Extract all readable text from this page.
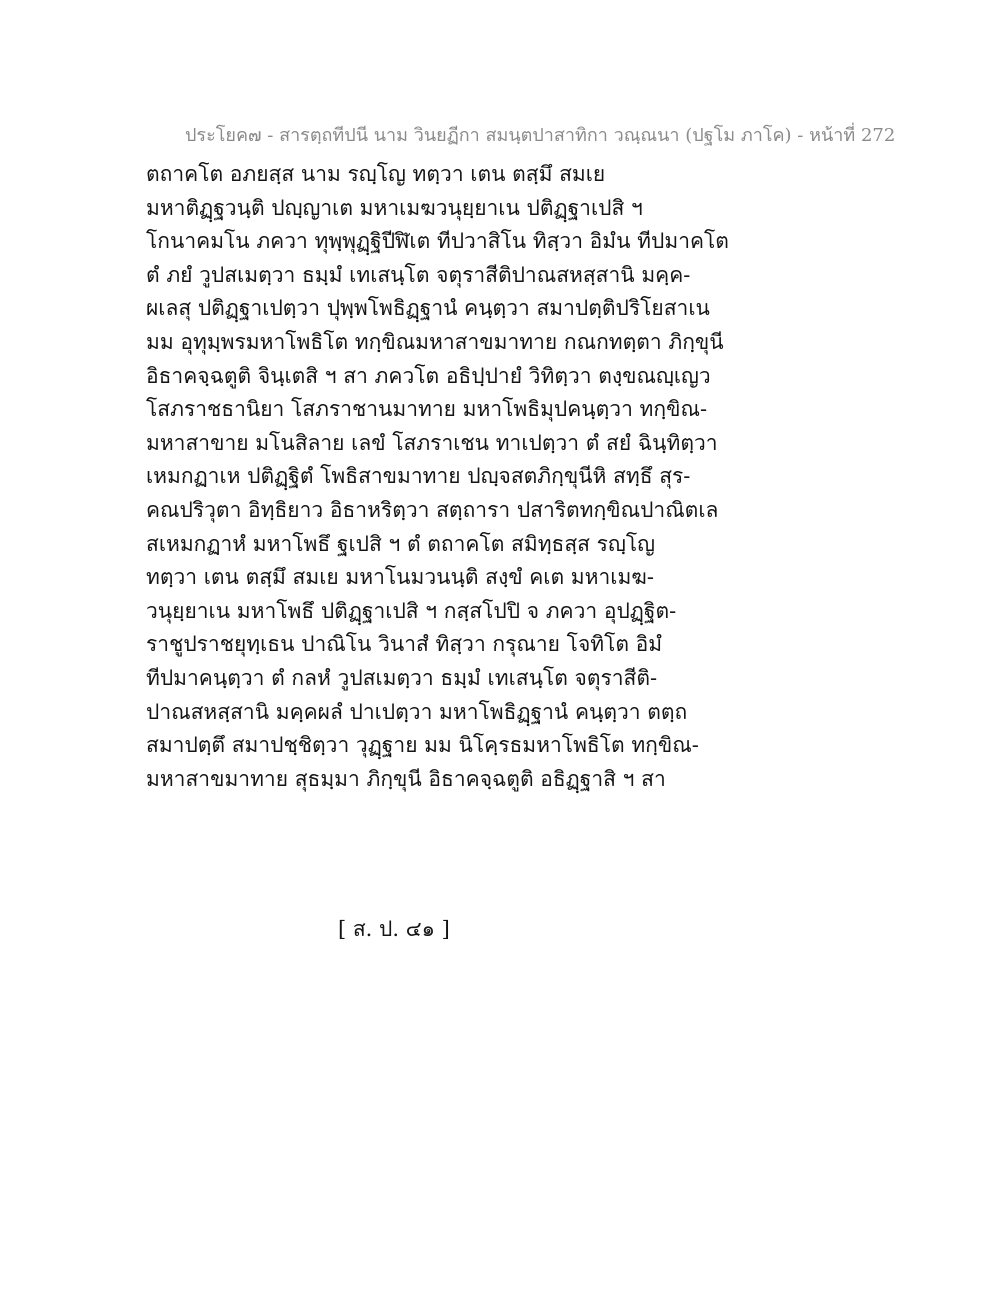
ประโยค๗ - สารตฺถทีปนี นาม วินยฏีกา สมนฺตปาสาทิกา วณฺณนา (ปฐโม ภาโค) - หน้าที่ 272
ตถาคโต อภยสฺส นาม รญฺโญ ทตฺวา เตน ตสฺมึ สมเย
มหาติฏฺฐวนฺติ ปญฺญาเต มหาเมฆวนุยฺยาเน ปติฏฺฐาเปสิ ฯ
โกนาคมโน ภควา ทุพฺพุฏฺฐิปีฬิเต ทีปวาสิโน ทิสฺวา อิมํน ทีปมาคโต
ตํ ภยํ วูปสเมตฺวา ธมฺมํ เทเสนฺโต จตุราสีติปาณสหสฺสานิ มคฺค-
ผเลสุ ปติฏฺฐาเปตฺวา ปุพฺพโพธิฏฺฐานํ คนฺตฺวา สมาปตฺติปริโยสาเน
มม อุทุมฺพรมหาโพธิโต ทกฺขิณมหาสาขมาทาย กณกทตฺตา ภิกฺขุนี
อิธาคจฺฉตูติ จินฺเตสิ ฯ สา ภควโต อธิปฺปายํ วิทิตฺวา ตงฺขณญฺเญว
โสภราชธานิยา โสภราชานมาทาย มหาโพธิมุปคนฺตฺวา ทกฺขิณ-
มหาสาขาย มโนสิลาย เลขํ โสภราเชน ทาเปตฺวา ตํ สยํ ฉินฺทิตฺวา
เหมกฏาเห ปติฏฺฐิตํ โพธิสาขมาทาย ปญฺจสตภิกฺขุนีหิ สทฺธึ สุร-
คณปริวุตา อิทฺธิยาว อิธาหริตฺวา สตฺถารา ปสาริตทกฺขิณปาณิตเล
สเหมกฏาหํ มหาโพธึ ฐเปสิ ฯ ตํ ตถาคโต สมิทฺธสฺส รญฺโญ
ทตฺวา เตน ตสฺมึ สมเย มหาโนมวนนฺติ สงฺขํ คเต มหาเมฆ-
วนุยฺยาเน มหาโพธึ ปติฏฺฐาเปสิ ฯ กสฺสโปปิ จ ภควา อุปฏฺฐิต-
ราชูปราชยุทฺเธน ปาณิโน วินาสํ ทิสฺวา กรุณาย โจทิโต อิมํ
ทีปมาคนฺตฺวา ตํ กลหํ วูปสเมตฺวา ธมฺมํ เทเสนฺโต จตุราสีติ-
ปาณสหสฺสานิ มคฺคผลํ ปาเปตฺวา มหาโพธิฏฺฐานํ คนฺตฺวา ตตฺถ
สมาปตฺตึ สมาปชฺชิตฺวา วุฏฺฐาย มม นิโคฺรธมหาโพธิโต ทกฺขิณ-
มหาสาขมาทาย สุธมฺมา ภิกฺขุนี อิธาคจฺฉตูติ อธิฏฺฐาสิ ฯ สา
[ ส. ป. ๔๑ ]
